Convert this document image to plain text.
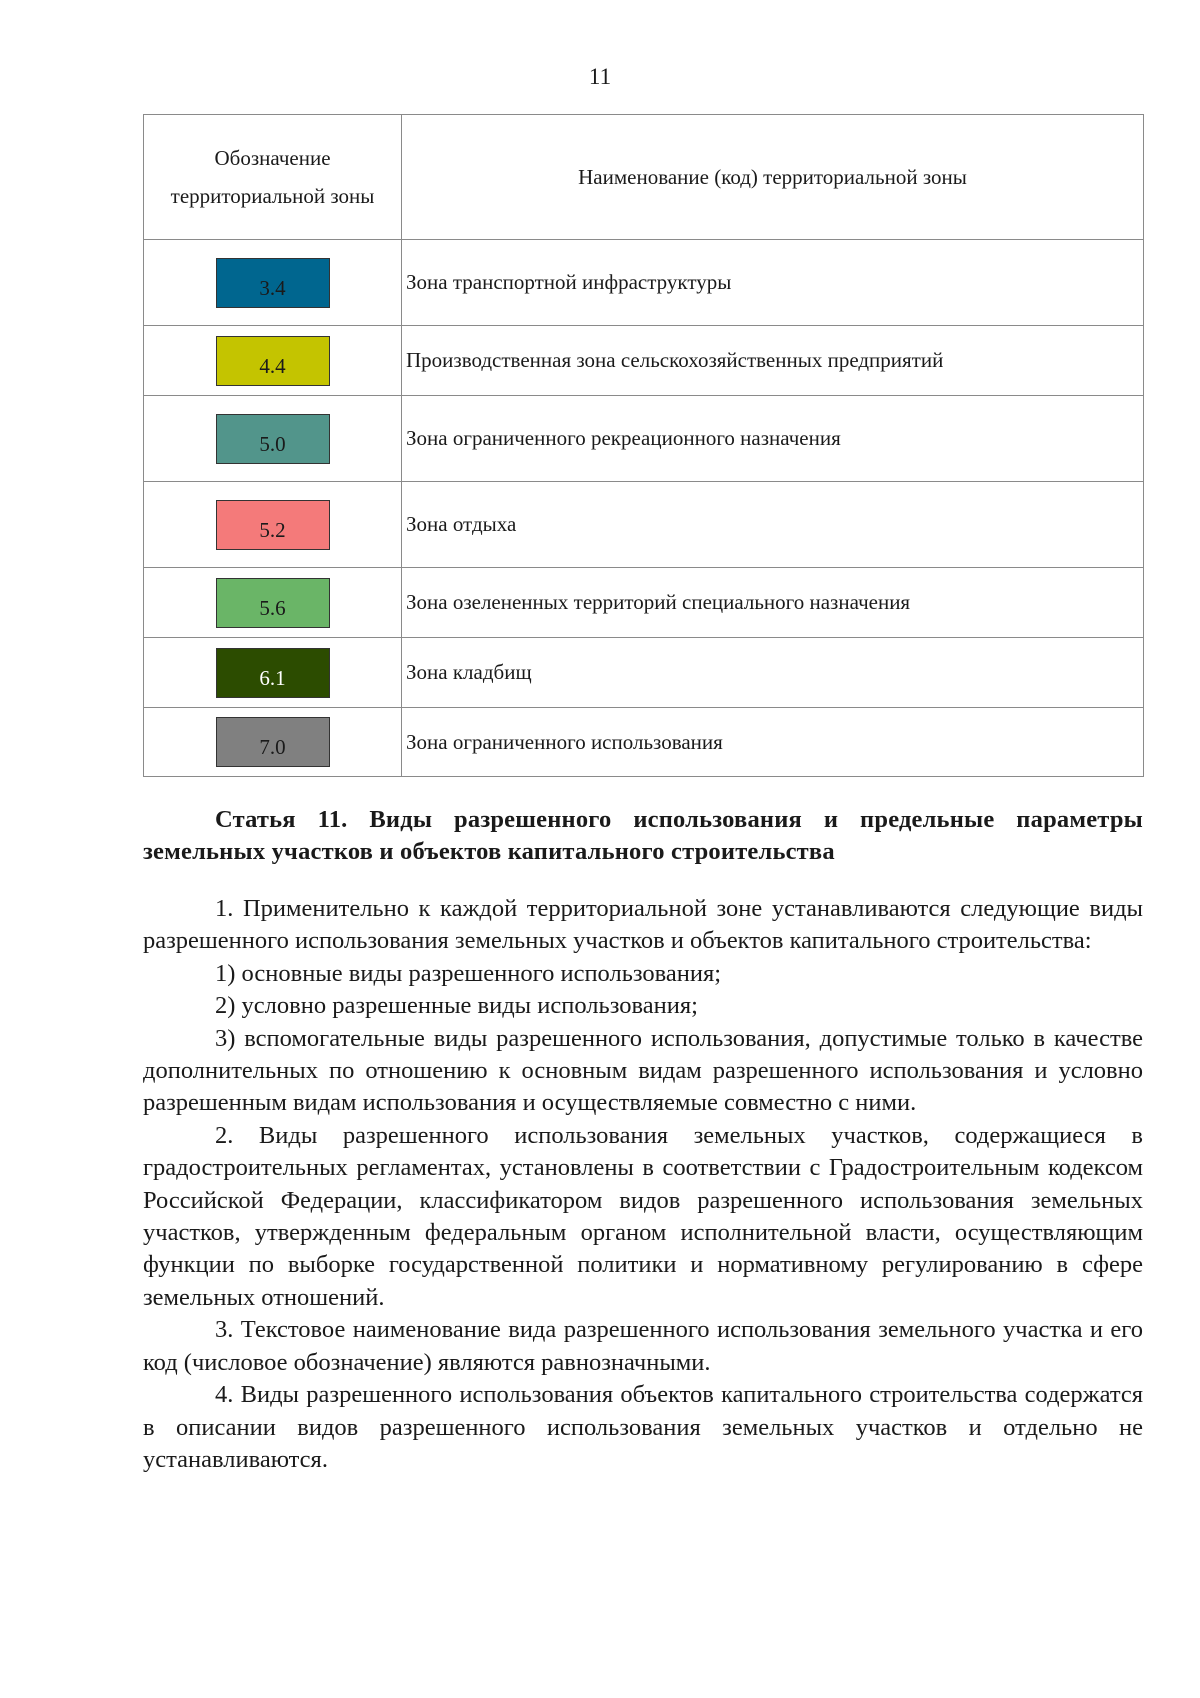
11
Обозначение территориальной зоны	Наименование (код) территориальной зоны
3.4	Зона транспортной инфраструктуры
4.4	Производственная зона сельскохозяйственных предприятий
5.0	Зона ограниченного рекреационного назначения
5.2	Зона отдыха
5.6	Зона озелененных территорий специального назначения
6.1	Зона кладбищ
7.0	Зона ограниченного использования
Статья 11. Виды разрешенного использования и предельные параметры земельных участков и объектов капитального строительства

1. Применительно к каждой территориальной зоне устанавливаются следующие виды разрешенного использования земельных участков и объектов капитального строительства:

1) основные виды разрешенного использования;

2) условно разрешенные виды использования;

3) вспомогательные виды разрешенного использования, допустимые только в качестве дополнительных по отношению к основным видам разрешенного использования и условно разрешенным видам использования и осуществляемые совместно с ними.

2. Виды разрешенного использования земельных участков, содержащиеся в градостроительных регламентах, установлены в соответствии с Градостроительным кодексом Российской Федерации, классификатором видов разрешенного использования земельных участков, утвержденным федеральным органом исполнительной власти, осуществляющим функции по выборке государственной политики и нормативному регулированию в сфере земельных отношений.

3. Текстовое наименование вида разрешенного использования земельного участка и его код (числовое обозначение) являются равнозначными.

4. Виды разрешенного использования объектов капитального строительства содержатся в описании видов разрешенного использования земельных участков и отдельно не устанавливаются.
